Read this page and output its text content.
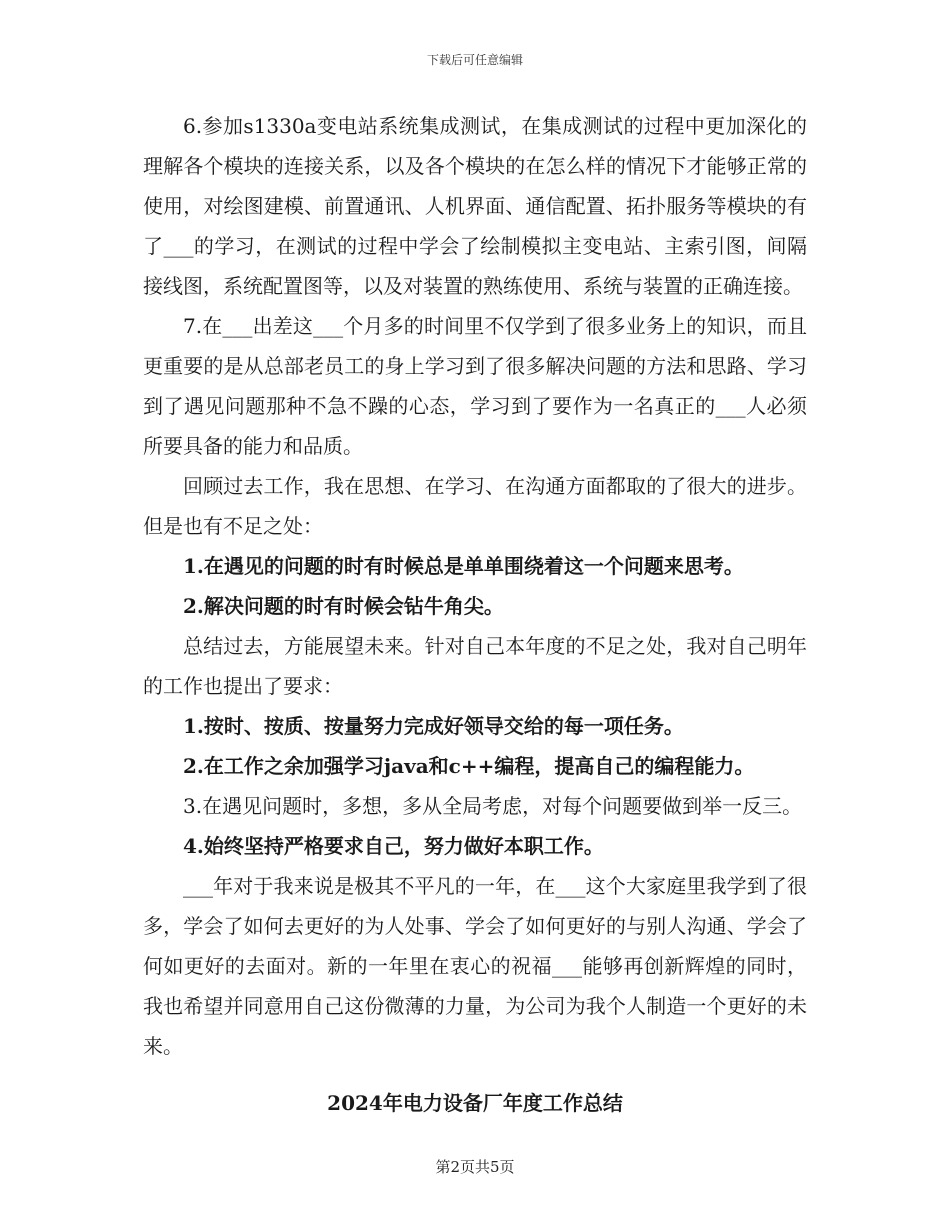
下载后可任意编辑

6.参加s1330a变电站系统集成测试，在集成测试的过程中更加深化的理解各个模块的连接关系，以及各个模块的在怎么样的情况下才能够正常的使用，对绘图建模、前置通讯、人机界面、通信配置、拓扑服务等模块的有了___的学习，在测试的过程中学会了绘制模拟主变电站、主索引图，间隔接线图，系统配置图等，以及对装置的熟练使用、系统与装置的正确连接。

7.在___出差这___个月多的时间里不仅学到了很多业务上的知识，而且更重要的是从总部老员工的身上学习到了很多解决问题的方法和思路、学习到了遇见问题那种不急不躁的心态，学习到了要作为一名真正的___人必须所要具备的能力和品质。

回顾过去工作，我在思想、在学习、在沟通方面都取的了很大的进步。但是也有不足之处：

1.在遇见的问题的时有时候总是单单围绕着这一个问题来思考。

2.解决问题的时有时候会钻牛角尖。

总结过去，方能展望未来。针对自己本年度的不足之处，我对自己明年的工作也提出了要求：

1.按时、按质、按量努力完成好领导交给的每一项任务。

2.在工作之余加强学习java和c++编程，提高自己的编程能力。

3.在遇见问题时，多想，多从全局考虑，对每个问题要做到举一反三。

4.始终坚持严格要求自己，努力做好本职工作。

___年对于我来说是极其不平凡的一年，在___这个大家庭里我学到了很多，学会了如何去更好的为人处事、学会了如何更好的与别人沟通、学会了何如更好的去面对。新的一年里在衷心的祝福___能够再创新辉煌的同时，我也希望并同意用自己这份微薄的力量，为公司为我个人制造一个更好的未来。

2024年电力设备厂年度工作总结
第2页共5页
